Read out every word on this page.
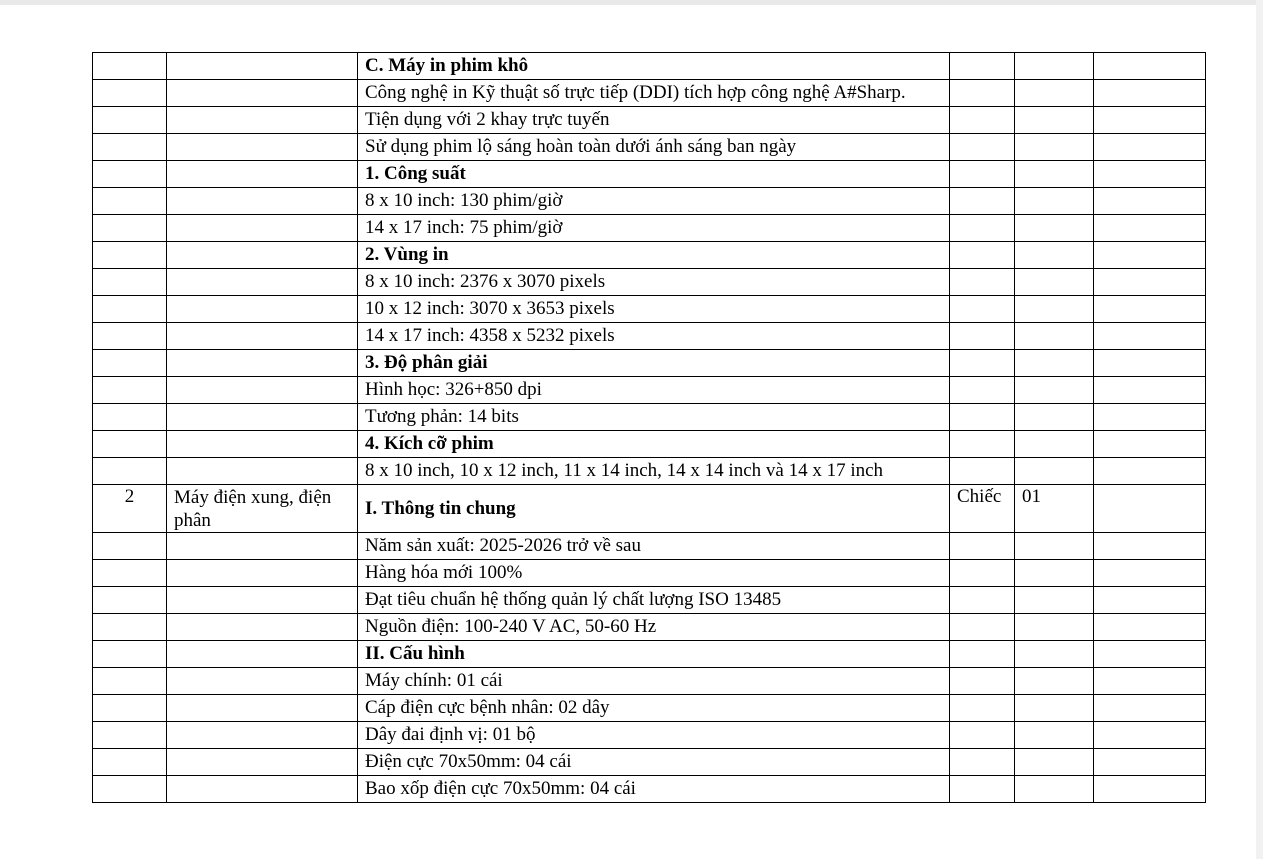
		C. Máy in phim khô			
		Công nghệ in Kỹ thuật số trực tiếp (DDI) tích hợp công nghệ A#Sharp.			
		Tiện dụng với 2 khay trực tuyến			
		Sử dụng phim lộ sáng hoàn toàn dưới ánh sáng ban ngày			
		1. Công suất			
		8 x 10 inch: 130 phim/giờ			
		14 x 17 inch: 75 phim/giờ			
		2. Vùng in			
		8 x 10 inch: 2376 x 3070 pixels			
		10 x 12 inch: 3070 x 3653 pixels			
		14 x 17 inch: 4358 x 5232 pixels			
		3. Độ phân giải			
		Hình học: 326+850 dpi			
		Tương phản: 14 bits			
		4. Kích cỡ phim			
		8 x 10 inch, 10 x 12 inch, 11 x 14 inch, 14 x 14 inch và 14 x 17 inch			
2	Máy điện xung, điện phân	I. Thông tin chung	Chiếc	01	
		Năm sản xuất: 2025-2026 trở về sau			
		Hàng hóa mới 100%			
		Đạt tiêu chuẩn hệ thống quản lý chất lượng ISO 13485			
		Nguồn điện: 100-240 V AC, 50-60 Hz			
		II. Cấu hình			
		Máy chính: 01 cái			
		Cáp điện cực bệnh nhân: 02 dây			
		Dây đai định vị: 01 bộ			
		Điện cực 70x50mm: 04 cái			
		Bao xốp điện cực 70x50mm: 04 cái			
